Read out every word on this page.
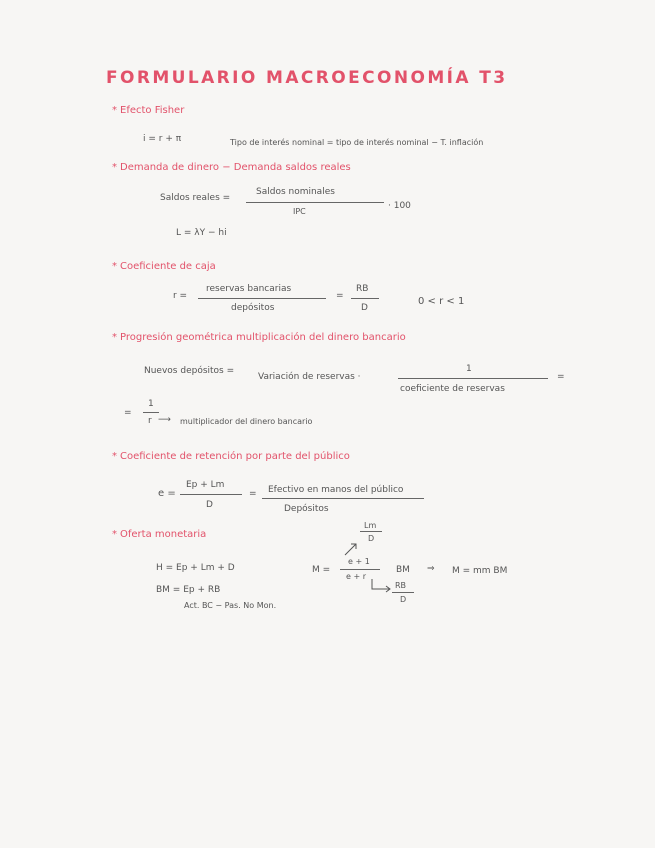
FORMULARIO MACROECONOMÍA T3
* Efecto Fisher
i = r + π	Tipo de interés nominal = tipo de interés nominal − T. inflación
* Demanda de dinero − Demanda saldos reales
Saldos reales =
Saldos nominales
IPC
· 100
L = λY − hi
* Coeficiente de caja
r =
reservas bancarias
depósitos
=
RB
D
0 < r < 1
* Progresión geométrica multiplicación del dinero bancario
Nuevos depósitos =
Variación de reservas ·
1
coeficiente de reservas
=
=
1
r ⟶ multiplicador del dinero bancario
* Coeficiente de retención por parte del público
e =
Ep + Lm
D
= Efectivo en manos del público
Depósitos
* Oferta monetaria
Lm
D
H = Ep + Lm + D	M =
e + 1
e + r
BM ⇒ M = mm BM
RB
D
BM = Ep + RB
Act. BC − Pas. No Mon.
